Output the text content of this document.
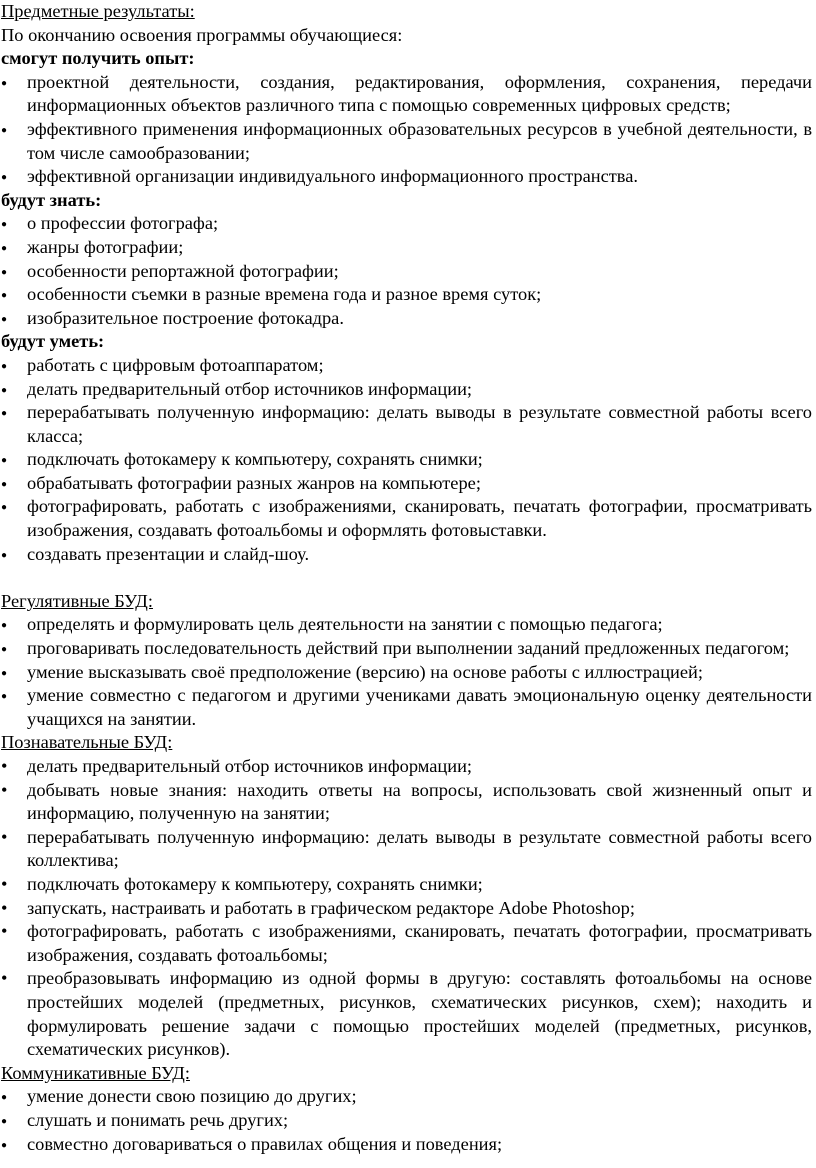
Предметные результаты:
По окончанию освоения программы обучающиеся:
смогут получить опыт:
●
проектной деятельности, создания, редактирования, оформления, сохранения, передачи информационных объектов различного типа с помощью современных цифровых средств;
●
эффективного применения информационных образовательных ресурсов в учебной деятельности, в том числе самообразовании;
●
эффективной организации индивидуального информационного пространства.
будут знать:
●
о профессии фотографа;
●
жанры фотографии;
●
особенности репортажной фотографии;
●
особенности съемки в разные времена года и разное время суток;
●
изобразительное построение фотокадра.
будут уметь:
●
работать с цифровым фотоаппаратом;
●
делать предварительный отбор источников информации;
●
перерабатывать полученную информацию: делать выводы в результате совместной работы всего класса;
●
подключать фотокамеру к компьютеру, сохранять снимки;
●
обрабатывать фотографии разных жанров на компьютере;
●
фотографировать, работать с изображениями, сканировать, печатать фотографии, просматривать изображения, создавать фотоальбомы и оформлять фотовыставки.
●
создавать презентации и слайд-шоу.
Регулятивные БУД:
●
определять и формулировать цель деятельности на занятии с помощью педагога;
●
проговаривать последовательность действий при выполнении заданий предложенных педагогом;
●
умение высказывать своё предположение (версию) на основе работы с иллюстрацией;
●
умение совместно с педагогом и другими учениками давать эмоциональную оценку деятельности учащихся на занятии.
Познавательные БУД:
•
делать предварительный отбор источников информации;
•
добывать новые знания: находить ответы на вопросы, использовать свой жизненный опыт и информацию, полученную на занятии;
•
перерабатывать полученную информацию: делать выводы в результате совместной работы всего коллектива;
•
подключать фотокамеру к компьютеру, сохранять снимки;
•
запускать, настраивать и работать в графическом редакторе Adobe Photoshop;
•
фотографировать, работать с изображениями, сканировать, печатать фотографии, просматривать изображения, создавать фотоальбомы;
•
преобразовывать информацию из одной формы в другую: составлять фотоальбомы на основе простейших моделей (предметных, рисунков, схематических рисунков, схем); находить и формулировать решение задачи с помощью простейших моделей (предметных, рисунков, схематических рисунков).
Коммуникативные БУД:
●
умение донести свою позицию до других;
●
слушать и понимать речь других;
●
совместно договариваться о правилах общения и поведения;
